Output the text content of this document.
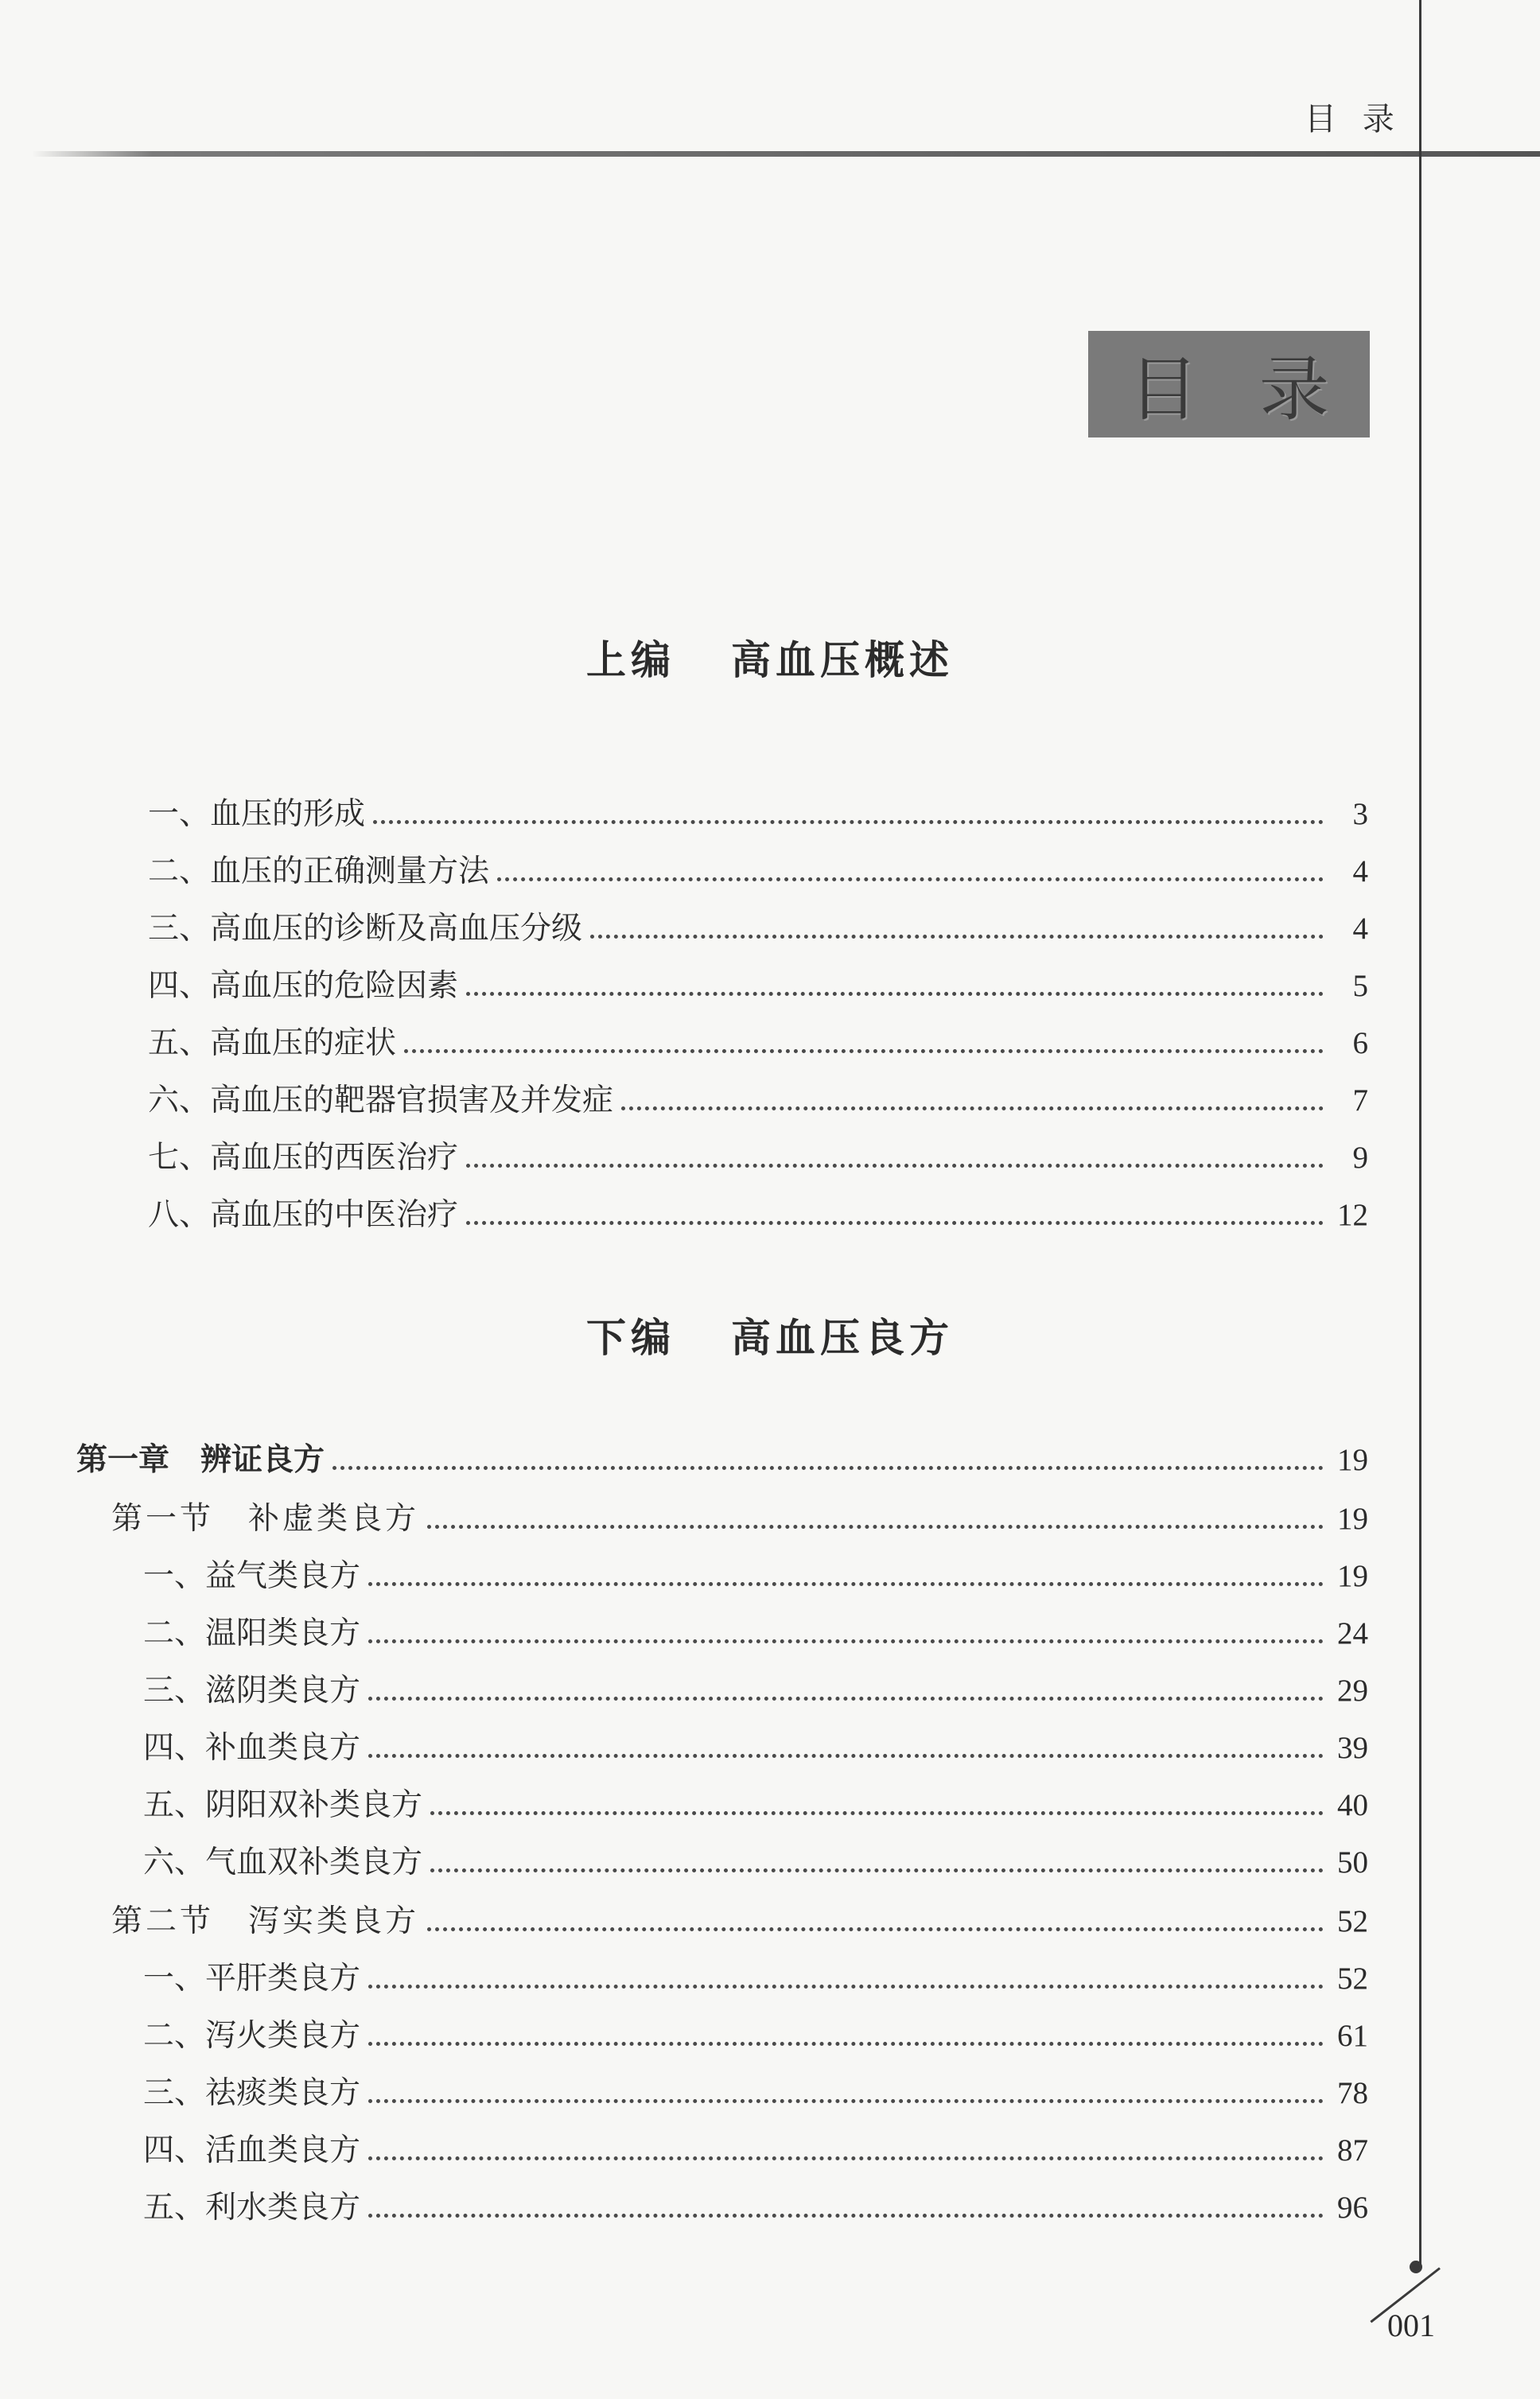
目 录
目录
上编 高血压概述
一、血压的形成	3
二、血压的正确测量方法	4
三、高血压的诊断及高血压分级	4
四、高血压的危险因素	5
五、高血压的症状	6
六、高血压的靶器官损害及并发症	7
七、高血压的西医治疗	9
八、高血压的中医治疗	12
下编 高血压良方
第一章　辨证良方	19
第一节　补虚类良方	19
一、益气类良方	19
二、温阳类良方	24
三、滋阴类良方	29
四、补血类良方	39
五、阴阳双补类良方	40
六、气血双补类良方	50
第二节　泻实类良方	52
一、平肝类良方	52
二、泻火类良方	61
三、祛痰类良方	78
四、活血类良方	87
五、利水类良方	96
001
